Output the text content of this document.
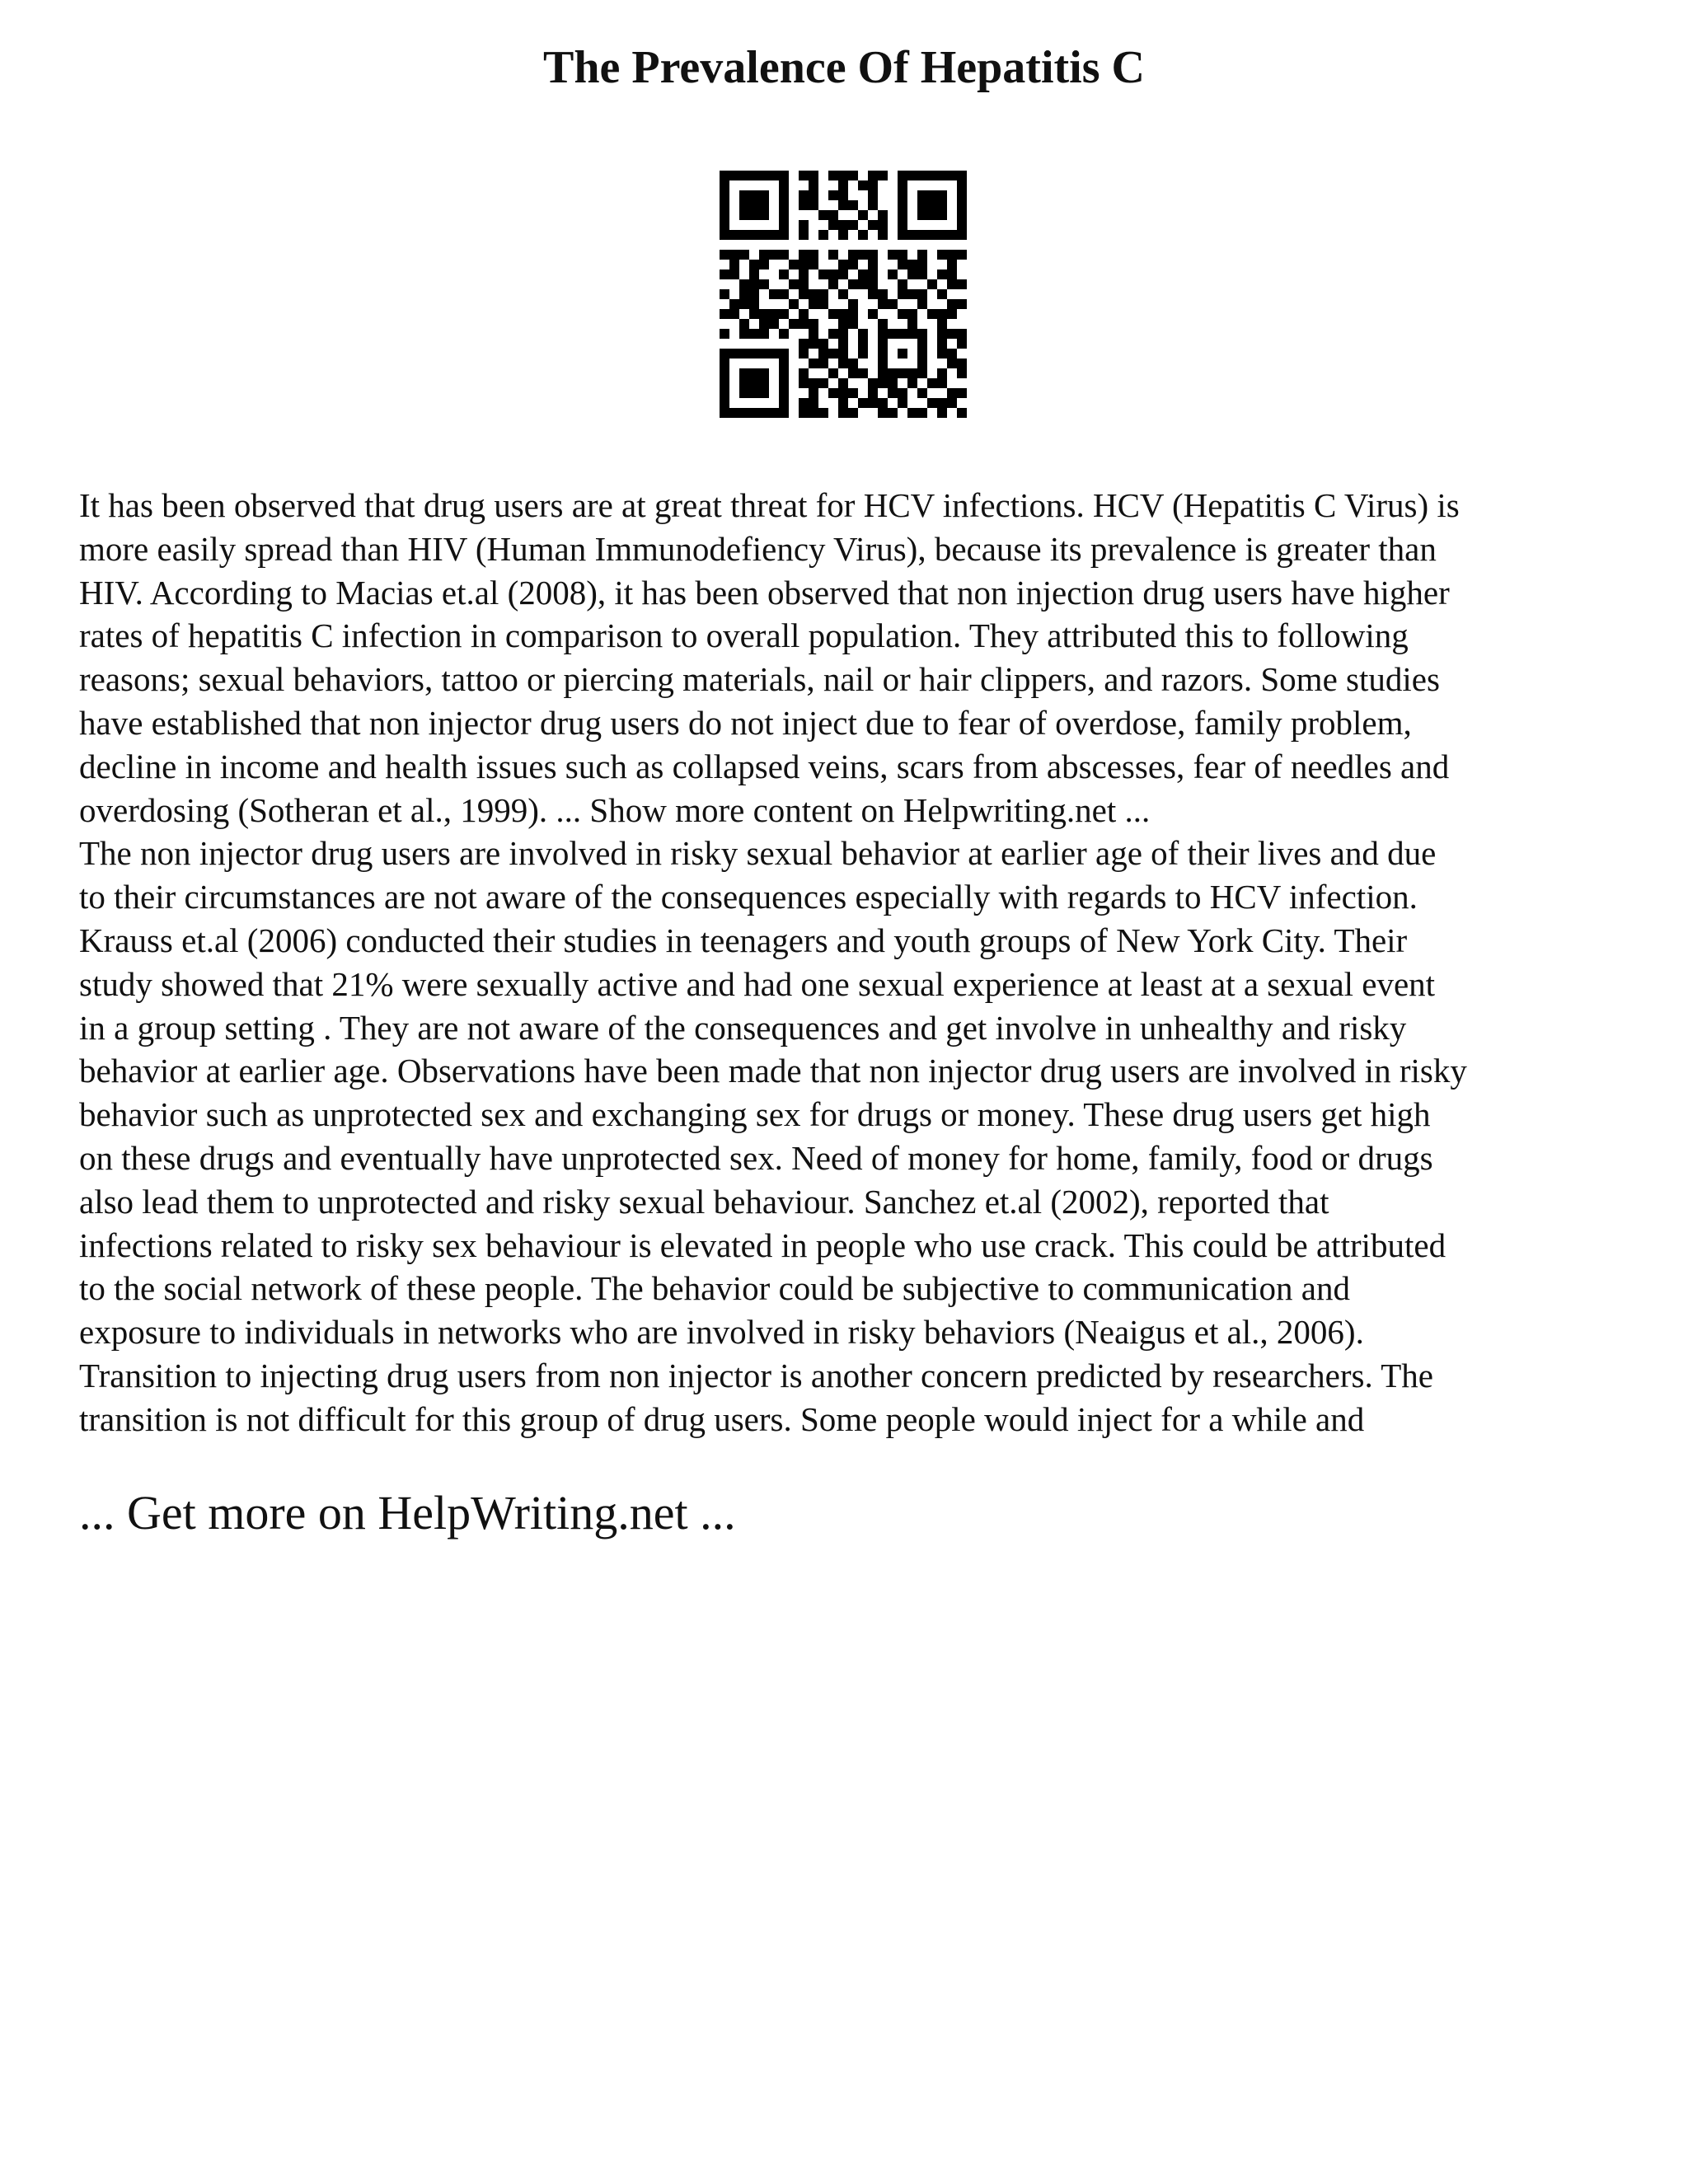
The Prevalence Of Hepatitis C
It has been observed that drug users are at great threat for HCV infections. HCV (Hepatitis C Virus) is
more easily spread than HIV (Human Immunodefiency Virus), because its prevalence is greater than
HIV. According to Macias et.al (2008), it has been observed that non injection drug users have higher
rates of hepatitis C infection in comparison to overall population. They attributed this to following
reasons; sexual behaviors, tattoo or piercing materials, nail or hair clippers, and razors. Some studies
have established that non injector drug users do not inject due to fear of overdose, family problem,
decline in income and health issues such as collapsed veins, scars from abscesses, fear of needles and
overdosing (Sotheran et al., 1999). ... Show more content on Helpwriting.net ...
The non injector drug users are involved in risky sexual behavior at earlier age of their lives and due
to their circumstances are not aware of the consequences especially with regards to HCV infection.
Krauss et.al (2006) conducted their studies in teenagers and youth groups of New York City. Their
study showed that 21% were sexually active and had one sexual experience at least at a sexual event
in a group setting . They are not aware of the consequences and get involve in unhealthy and risky
behavior at earlier age. Observations have been made that non injector drug users are involved in risky
behavior such as unprotected sex and exchanging sex for drugs or money. These drug users get high
on these drugs and eventually have unprotected sex. Need of money for home, family, food or drugs
also lead them to unprotected and risky sexual behaviour. Sanchez et.al (2002), reported that
infections related to risky sex behaviour is elevated in people who use crack. This could be attributed
to the social network of these people. The behavior could be subjective to communication and
exposure to individuals in networks who are involved in risky behaviors (Neaigus et al., 2006).
Transition to injecting drug users from non injector is another concern predicted by researchers. The
transition is not difficult for this group of drug users. Some people would inject for a while and

... Get more on HelpWriting.net ...
